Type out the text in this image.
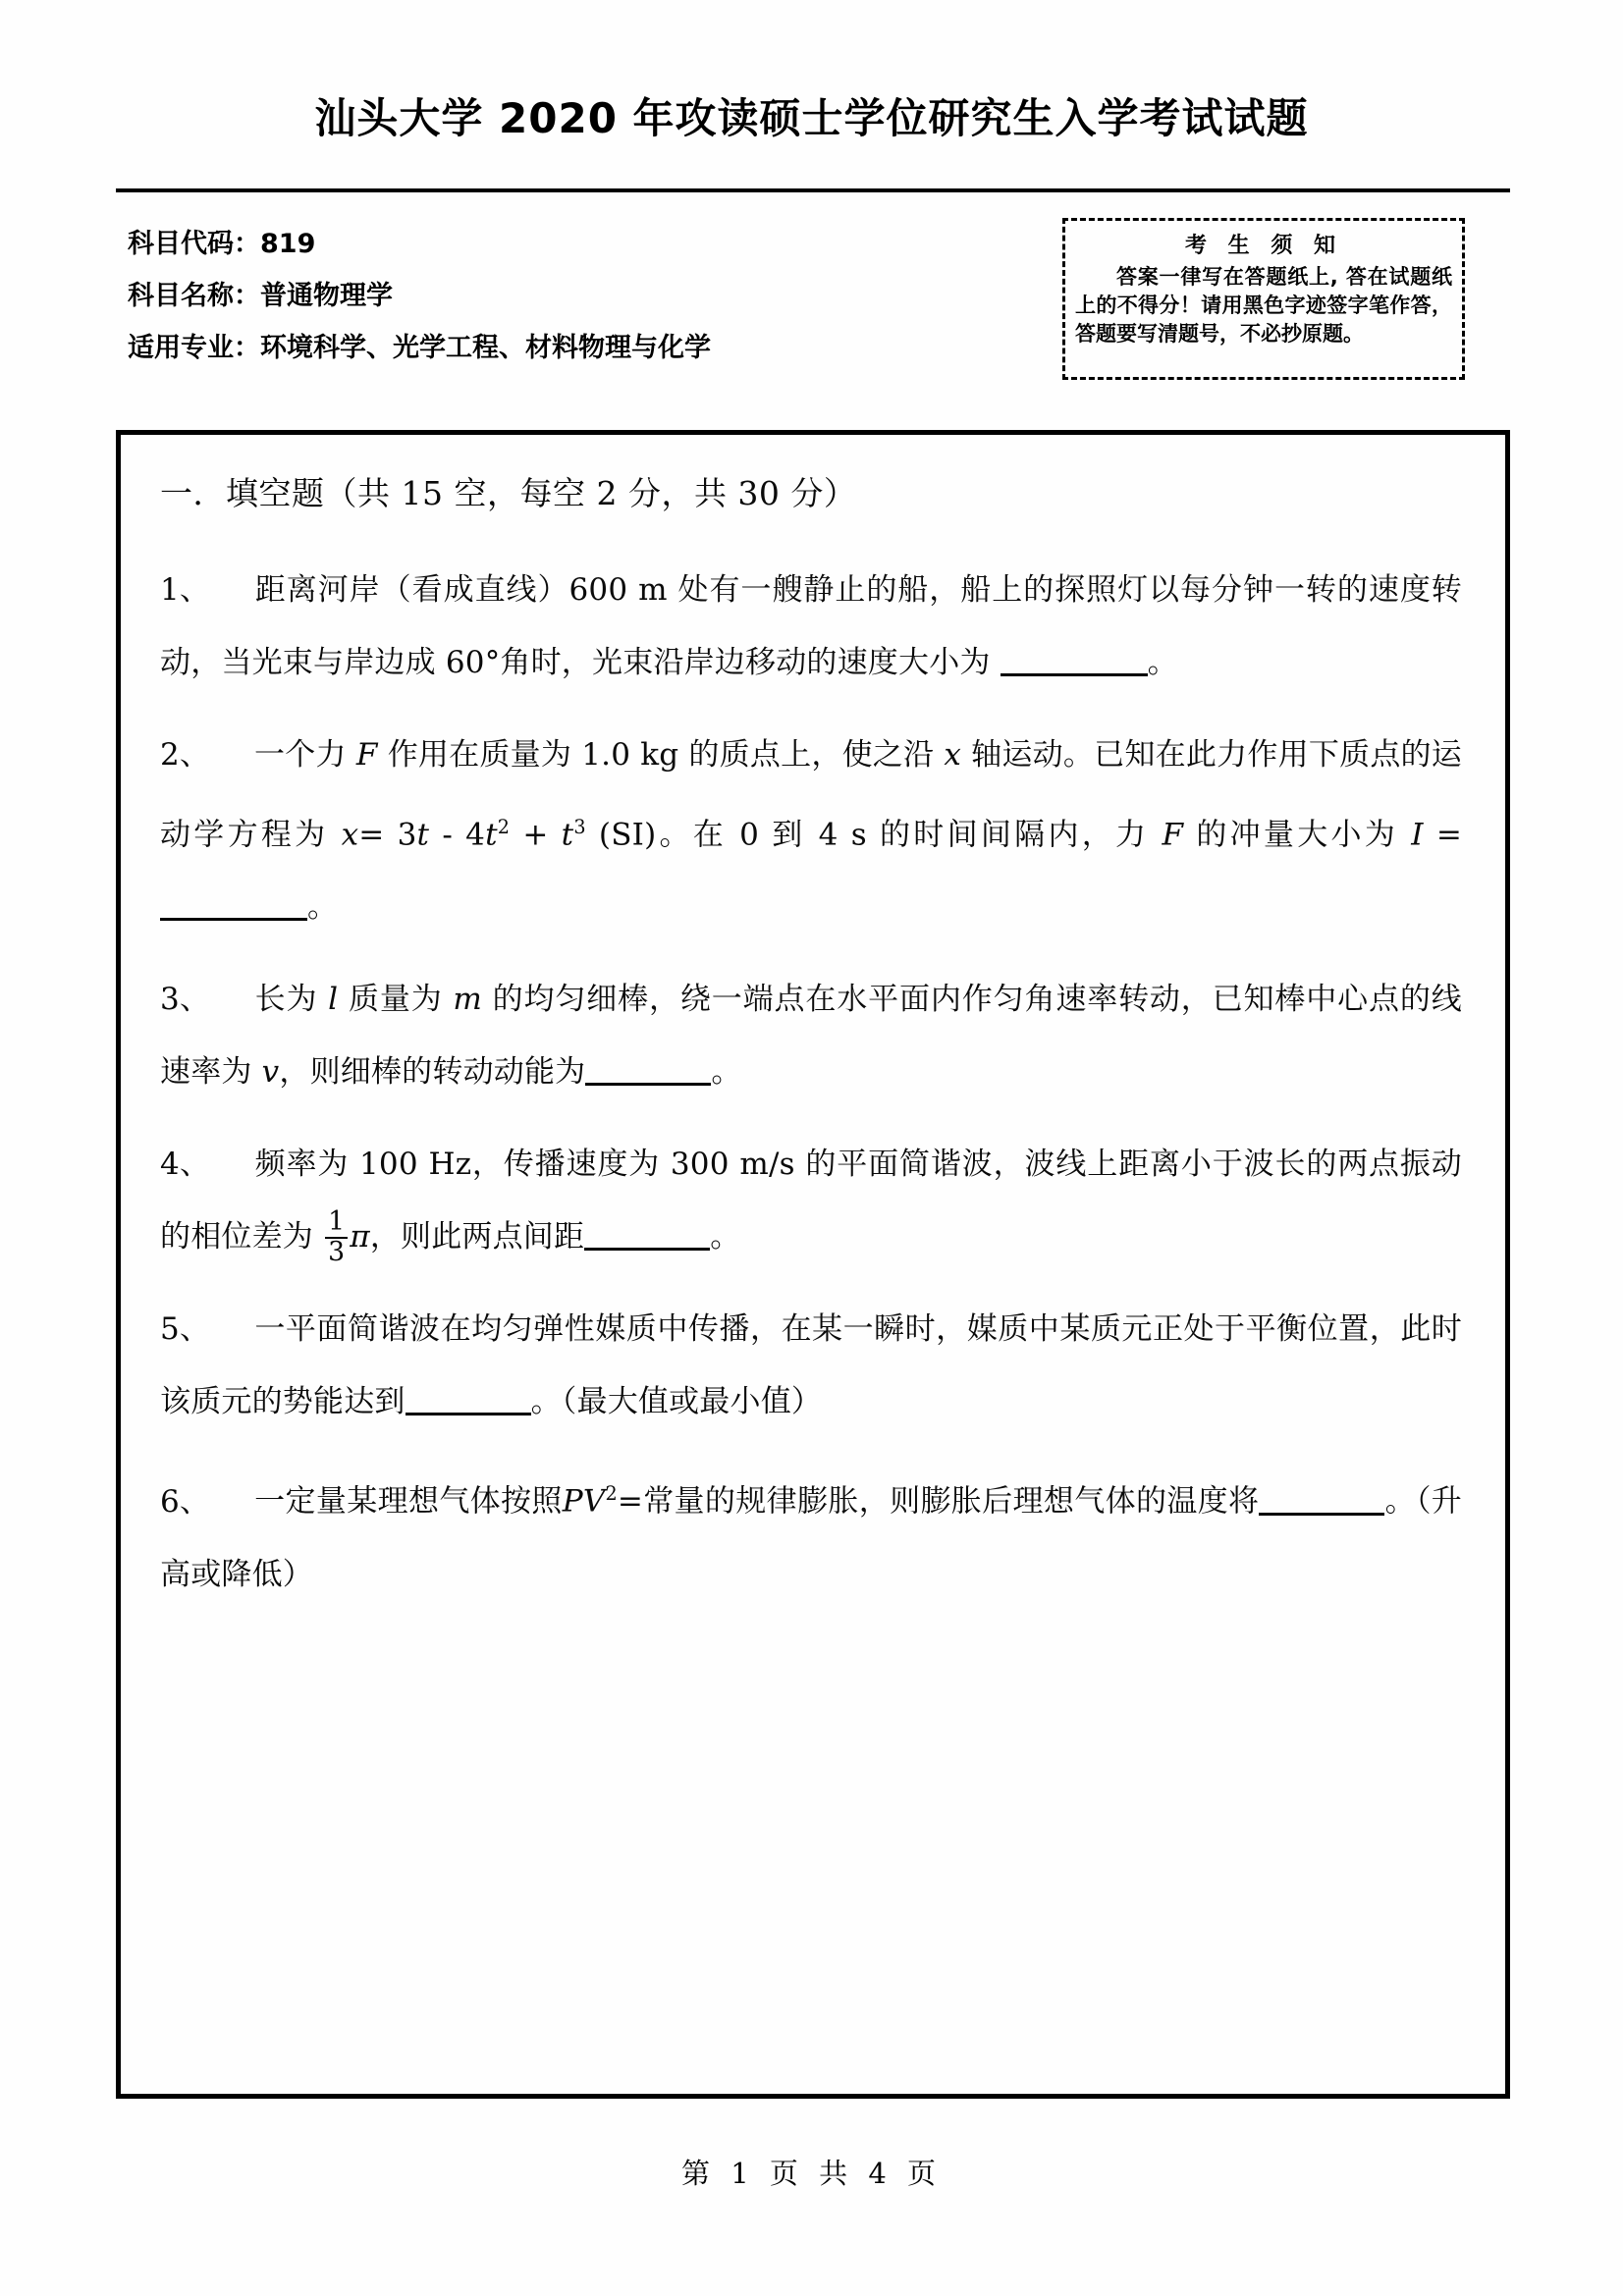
汕头大学 2020 年攻读硕士学位研究生入学考试试题
科目代码：819
科目名称：普通物理学
适用专业：环境科学、光学工程、材料物理与化学
考 生 须 知
答案一律写在答题纸上, 答在试题纸上的不得分！请用黑色字迹签字笔作答，答题要写清题号，不必抄原题。
一．填空题（共 15 空，每空 2 分，共 30 分）
1、 距离河岸（看成直线）600 m 处有一艘静止的船，船上的探照灯以每分钟一转的速度转动，当光束与岸边成 60°角时，光束沿岸边移动的速度大小为	。
2、 一个力 F 作用在质量为 1.0 kg 的质点上，使之沿 x 轴运动。已知在此力作用下质点的运动学方程为 $x= 3t - 4t^2 + t^3$ (SI)。在 0 到 4 s 的时间间隔内，力 F 的冲量大小为 I = 。
3、 长为 l 质量为 m 的均匀细棒，绕一端点在水平面内作匀角速率转动，已知棒中心点的线速率为 v，则细棒的转动动能为	。
4、 频率为 100 Hz，传播速度为 300 m/s 的平面简谐波，波线上距离小于波长的两点振动的相位差为 $\frac{1}{3}$ π，则此两点间距	。
5、 一平面简谐波在均匀弹性媒质中传播，在某一瞬时，媒质中某质元正处于平衡位置，此时该质元的势能达到	。（最大值或最小值）
6、 一定量某理想气体按照$PV^2=$常量的规律膨胀，则膨胀后理想气体的温度将	。（升高或降低）
第 1 页 共 4 页
